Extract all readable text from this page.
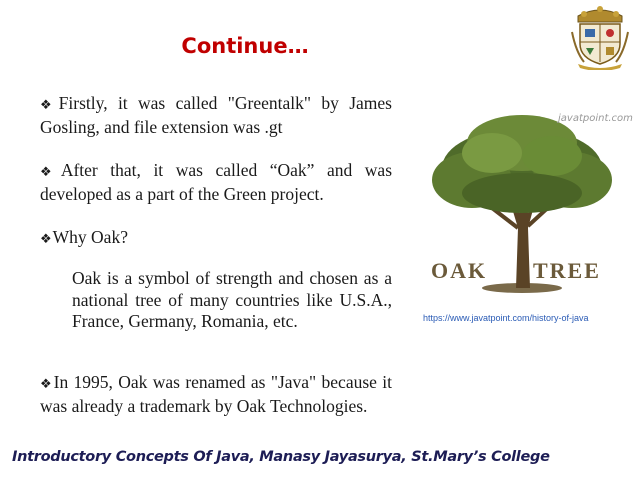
Continue…

❖Firstly, it was called "Greentalk" by James Gosling, and file extension was .gt

❖After that, it was called “Oak” and was developed as a part of the Green project.

❖Why Oak?

Oak is a symbol of strength and chosen as a national tree of many countries like U.S.A., France, Germany, Romania, etc.

❖In 1995, Oak was renamed as "Java" because it was already a trademark by Oak Technologies.

javatpoint.com
OAK TREE
https://www.javatpoint.com/history-of-java
Introductory Concepts Of Java, Manasy Jayasurya, St.Mary’s College
